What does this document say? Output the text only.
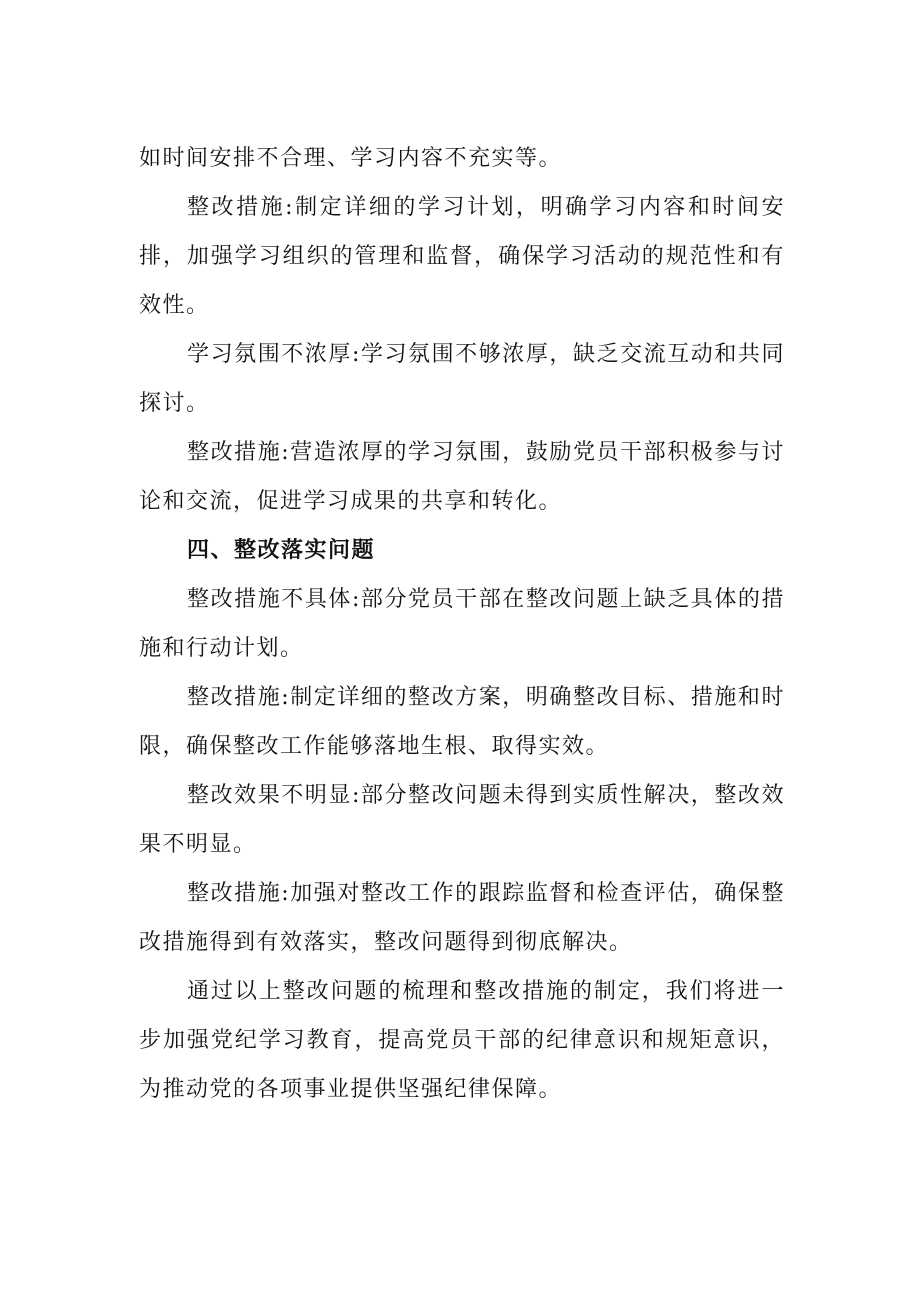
如时间安排不合理、学习内容不充实等。

整改措施:制定详细的学习计划，明确学习内容和时间安排，加强学习组织的管理和监督，确保学习活动的规范性和有效性。

学习氛围不浓厚:学习氛围不够浓厚，缺乏交流互动和共同探讨。

整改措施:营造浓厚的学习氛围，鼓励党员干部积极参与讨论和交流，促进学习成果的共享和转化。

四、整改落实问题

整改措施不具体:部分党员干部在整改问题上缺乏具体的措施和行动计划。

整改措施:制定详细的整改方案，明确整改目标、措施和时限，确保整改工作能够落地生根、取得实效。

整改效果不明显:部分整改问题未得到实质性解决，整改效果不明显。

整改措施:加强对整改工作的跟踪监督和检查评估，确保整改措施得到有效落实，整改问题得到彻底解决。

通过以上整改问题的梳理和整改措施的制定，我们将进一步加强党纪学习教育，提高党员干部的纪律意识和规矩意识，为推动党的各项事业提供坚强纪律保障。
